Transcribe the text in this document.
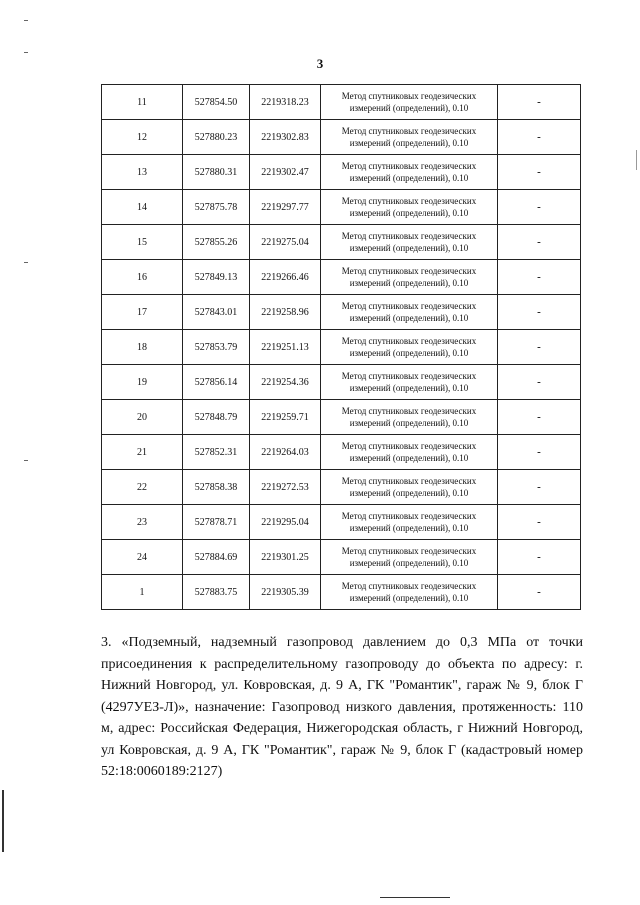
3
11	527854.50	2219318.23	Метод спутниковых геодезических измерений (определений), 0.10	-
12	527880.23	2219302.83	Метод спутниковых геодезических измерений (определений), 0.10	-
13	527880.31	2219302.47	Метод спутниковых геодезических измерений (определений), 0.10	-
14	527875.78	2219297.77	Метод спутниковых геодезических измерений (определений), 0.10	-
15	527855.26	2219275.04	Метод спутниковых геодезических измерений (определений), 0.10	-
16	527849.13	2219266.46	Метод спутниковых геодезических измерений (определений), 0.10	-
17	527843.01	2219258.96	Метод спутниковых геодезических измерений (определений), 0.10	-
18	527853.79	2219251.13	Метод спутниковых геодезических измерений (определений), 0.10	-
19	527856.14	2219254.36	Метод спутниковых геодезических измерений (определений), 0.10	-
20	527848.79	2219259.71	Метод спутниковых геодезических измерений (определений), 0.10	-
21	527852.31	2219264.03	Метод спутниковых геодезических измерений (определений), 0.10	-
22	527858.38	2219272.53	Метод спутниковых геодезических измерений (определений), 0.10	-
23	527878.71	2219295.04	Метод спутниковых геодезических измерений (определений), 0.10	-
24	527884.69	2219301.25	Метод спутниковых геодезических измерений (определений), 0.10	-
1	527883.75	2219305.39	Метод спутниковых геодезических измерений (определений), 0.10	-

3. «Подземный, надземный газопровод давлением до 0,3 МПа от точки присоединения к распределительному газопроводу до объекта по адресу: г. Нижний Новгород, ул. Ковровская, д. 9 А, ГК "Романтик", гараж № 9, блок Г (4297УЕЗ-Л)», назначение: Газопровод низкого давления, протяженность: 110 м, адрес: Российская Федерация, Нижегородская область, г Нижний Новгород, ул Ковровская, д. 9 А, ГК "Романтик", гараж № 9, блок Г (кадастровый номер 52:18:0060189:2127)
